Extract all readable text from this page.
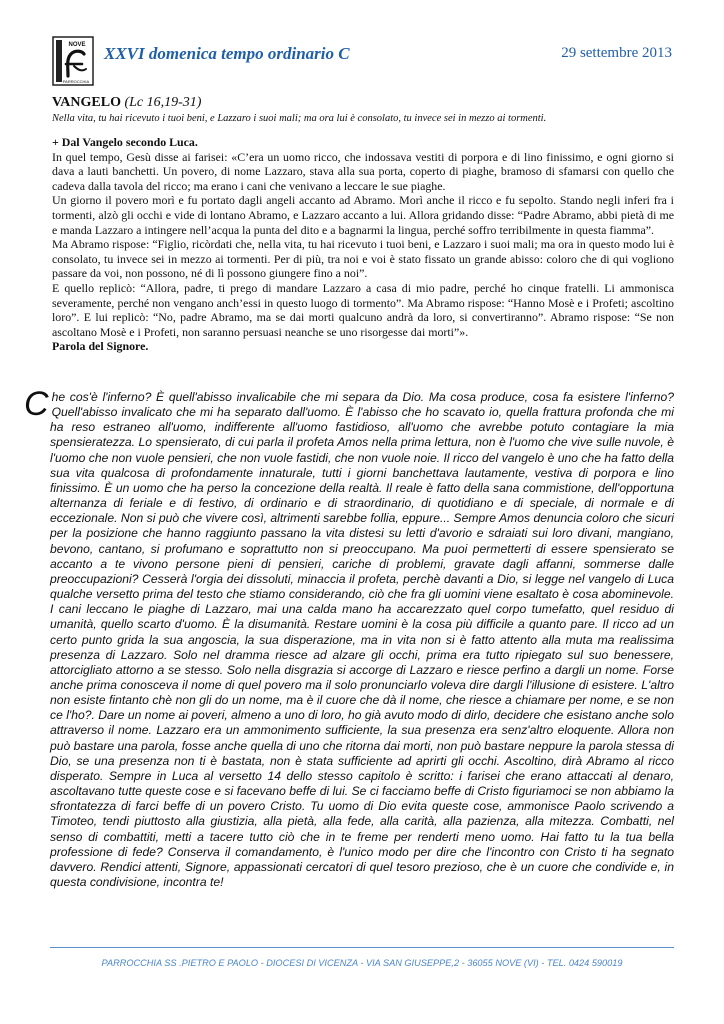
NOVE
PARROCCHIA
XXVI domenica tempo ordinario C	29 settembre 2013
VANGELO (Lc 16,19-31)
Nella vita, tu hai ricevuto i tuoi beni, e Lazzaro i suoi mali; ma ora lui è consolato, tu invece sei in mezzo ai tormenti.
+ Dal Vangelo secondo Luca.

In quel tempo, Gesù disse ai farisei: «C’era un uomo ricco, che indossava vestiti di porpora e di lino finissimo, e ogni giorno si dava a lauti banchetti. Un povero, di nome Lazzaro, stava alla sua porta, coperto di piaghe, bramoso di sfamarsi con quello che cadeva dalla tavola del ricco; ma erano i cani che venivano a leccare le sue piaghe.

Un giorno il povero morì e fu portato dagli angeli accanto ad Abramo. Morì anche il ricco e fu sepolto. Stando negli inferi fra i tormenti, alzò gli occhi e vide di lontano Abramo, e Lazzaro accanto a lui. Allora gridando disse: “Padre Abramo, abbi pietà di me e manda Lazzaro a intingere nell’acqua la punta del dito e a bagnarmi la lingua, perché soffro terribilmente in questa fiamma”.

Ma Abramo rispose: “Figlio, ricòrdati che, nella vita, tu hai ricevuto i tuoi beni, e Lazzaro i suoi mali; ma ora in questo modo lui è consolato, tu invece sei in mezzo ai tormenti. Per di più, tra noi e voi è stato fissato un grande abisso: coloro che di qui vogliono passare da voi, non possono, né di lì possono giungere fino a noi”.

E quello replicò: “Allora, padre, ti prego di mandare Lazzaro a casa di mio padre, perché ho cinque fratelli. Li ammonisca severamente, perché non vengano anch’essi in questo luogo di tormento”. Ma Abramo rispose: “Hanno Mosè e i Profeti; ascoltino loro”. E lui replicò: “No, padre Abramo, ma se dai morti qualcuno andrà da loro, si convertiranno”. Abramo rispose: “Se non ascoltano Mosè e i Profeti, non saranno persuasi neanche se uno risorgesse dai morti”».

Parola del Signore.
C he cos'è l'inferno? È quell'abisso invalicabile che mi separa da Dio. Ma cosa produce, cosa fa esistere l'inferno? Quell'abisso invalicato che mi ha separato dall'uomo. È l'abisso che ho scavato io, quella frattura profonda che mi ha reso estraneo all'uomo, indifferente all'uomo fastidioso, all'uomo che avrebbe potuto contagiare la mia spensieratezza. Lo spensierato, di cui parla il profeta Amos nella prima lettura, non è l'uomo che vive sulle nuvole, è l'uomo che non vuole pensieri, che non vuole fastidi, che non vuole noie. Il ricco del vangelo è uno che ha fatto della sua vita qualcosa di profondamente innaturale, tutti i giorni banchettava lautamente, vestiva di porpora e lino finissimo. È un uomo che ha perso la concezione della realtà. Il reale è fatto della sana commistione, dell'opportuna alternanza di feriale e di festivo, di ordinario e di straordinario, di quotidiano e di speciale, di normale e di eccezionale. Non si può che vivere così, altrimenti sarebbe follia, eppure... Sempre Amos denuncia coloro che sicuri per la posizione che hanno raggiunto passano la vita distesi su letti d'avorio e sdraiati sui loro divani, mangiano, bevono, cantano, si profumano e soprattutto non si preoccupano. Ma puoi permetterti di essere spensierato se accanto a te vivono persone pieni di pensieri, cariche di problemi, gravate dagli affanni, sommerse dalle preoccupazioni? Cesserà l'orgia dei dissoluti, minaccia il profeta, perchè davanti a Dio, si legge nel vangelo di Luca qualche versetto prima del testo che stiamo considerando, ciò che fra gli uomini viene esaltato è cosa abominevole. I cani leccano le piaghe di Lazzaro, mai una calda mano ha accarezzato quel corpo tumefatto, quel residuo di umanità, quello scarto d'uomo. È la disumanità. Restare uomini è la cosa più difficile a quanto pare. Il ricco ad un certo punto grida la sua angoscia, la sua disperazione, ma in vita non si è fatto attento alla muta ma realissima presenza di Lazzaro. Solo nel dramma riesce ad alzare gli occhi, prima era tutto ripiegato sul suo benessere, attorcigliato attorno a se stesso. Solo nella disgrazia si accorge di Lazzaro e riesce perfino a dargli un nome. Forse anche prima conosceva il nome di quel povero ma il solo pronunciarlo voleva dire dargli l'illusione di esistere. L'altro non esiste fintanto chè non gli do un nome, ma è il cuore che dà il nome, che riesce a chiamare per nome, e se non ce l'ho?. Dare un nome ai poveri, almeno a uno di loro, ho già avuto modo di dirlo, decidere che esistano anche solo attraverso il nome. Lazzaro era un ammonimento sufficiente, la sua presenza era senz'altro eloquente. Allora non può bastare una parola, fosse anche quella di uno che ritorna dai morti, non può bastare neppure la parola stessa di Dio, se una presenza non ti è bastata, non è stata sufficiente ad aprirti gli occhi. Ascoltino, dirà Abramo al ricco disperato. Sempre in Luca al versetto 14 dello stesso capitolo è scritto: i farisei che erano attaccati al denaro, ascoltavano tutte queste cose e si facevano beffe di lui. Se ci facciamo beffe di Cristo figuriamoci se non abbiamo la sfrontatezza di farci beffe di un povero Cristo. Tu uomo di Dio evita queste cose, ammonisce Paolo scrivendo a Timoteo, tendi piuttosto alla giustizia, alla pietà, alla fede, alla carità, alla pazienza, alla mitezza. Combatti, nel senso di combattiti, metti a tacere tutto ciò che in te freme per renderti meno uomo. Hai fatto tu la tua bella professione di fede? Conserva il comandamento, è l'unico modo per dire che l'incontro con Cristo ti ha segnato davvero. Rendici attenti, Signore, appassionati cercatori di quel tesoro prezioso, che è un cuore che condivide e, in questa condivisione, incontra te!

PARROCCHIA SS .PIETRO E PAOLO - DIOCESI DI VICENZA - VIA SAN GIUSEPPE,2 - 36055 NOVE (VI) - TEL. 0424 590019
